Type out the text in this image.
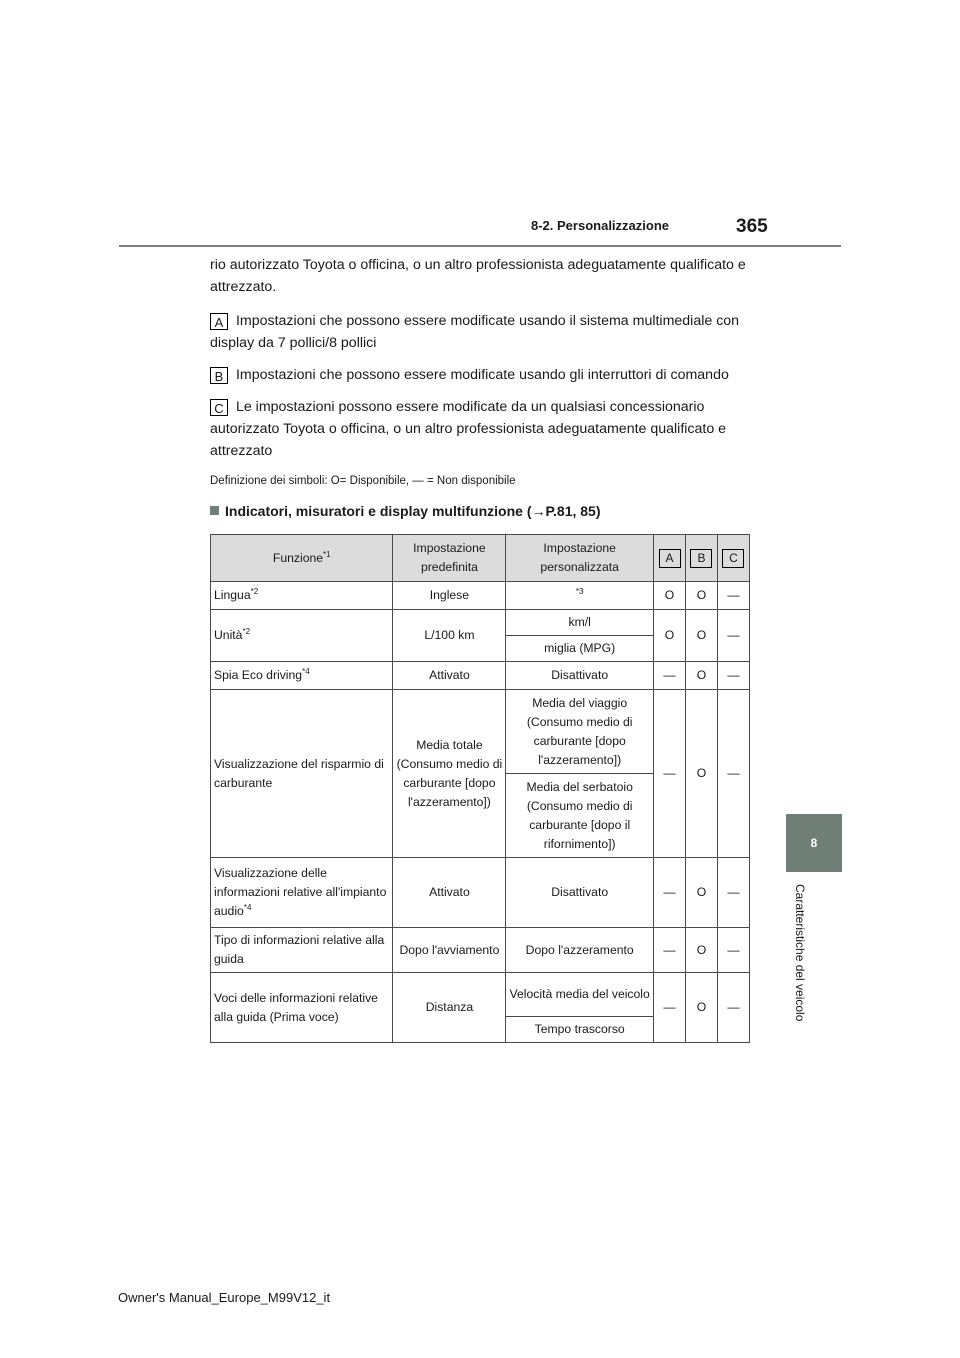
8-2. Personalizzazione	365
8
Caratteristiche del veicolo

rio autorizzato Toyota o officina, o un altro professionista adeguatamente qualificato e attrezzato.

A Impostazioni che possono essere modificate usando il sistema multimediale con display da 7 pollici/8 pollici

B Impostazioni che possono essere modificate usando gli interruttori di comando

C Le impostazioni possono essere modificate da un qualsiasi concessionario autorizzato Toyota o officina, o un altro professionista adeguatamente qualificato e attrezzato

Definizione dei simboli: O= Disponibile, — = Non disponibile

Indicatori, misuratori e display multifunzione (→P.81, 85)

Funzione$^{*1}$	Impostazione predefinita	Impostazione personalizzata	A	B	C
Lingua$^{*2}$	Inglese	$^{*3}$	O	O	—
Unità$^{*2}$	L/100 km	km/l	O	O	—
		miglia (MPG)			
Spia Eco driving$^{*4}$	Attivato	Disattivato	—	O	—
Visualizzazione del risparmio di carburante	Media totale (Consumo medio di carburante [dopo l'azzeramento])	Media del viaggio (Consumo medio di carburante [dopo l'azzeramento])	—	O	—
		Media del serbatoio (Consumo medio di carburante [dopo il rifornimento])			
Visualizzazione delle informazioni relative all'impianto audio$^{*4}$	Attivato	Disattivato	—	O	—
Tipo di informazioni relative alla guida	Dopo l'avviamento	Dopo l'azzeramento	—	O	—
Voci delle informazioni relative alla guida (Prima voce)	Distanza	Velocità media del veicolo	—	O	—
		Tempo trascorso			
Owner's Manual_Europe_M99V12_it
